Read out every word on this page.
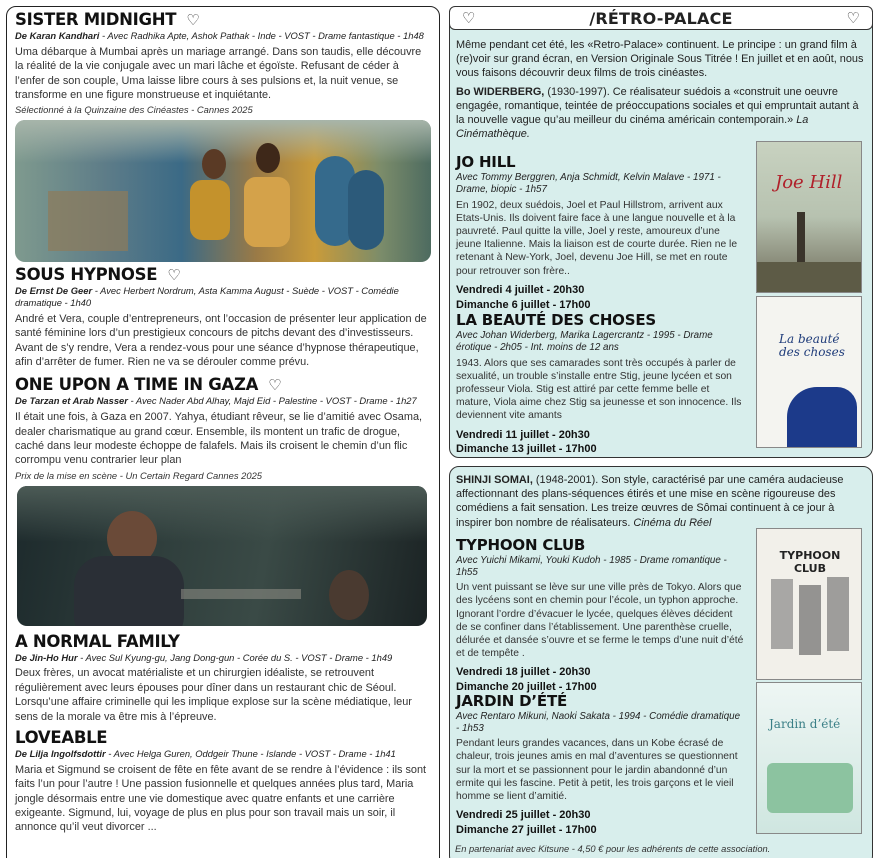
SISTER MIDNIGHT ♡
De Karan Kandhari - Avec Radhika Apte, Ashok Pathak - Inde - VOST - Drame fantastique - 1h48

Uma débarque à Mumbai après un mariage arrangé. Dans son taudis, elle découvre la réalité de la vie conjugale avec un mari lâche et égoïste. Refusant de céder à l’enfer de son couple, Uma laisse libre cours à ses pulsions et, la nuit venue, se transforme en une figure monstrueuse et inquiétante.

Sélectionné à la Quinzaine des Cinéastes - Cannes 2025

SOUS HYPNOSE ♡
De Ernst De Geer - Avec Herbert Nordrum, Asta Kamma August - Suède - VOST - Comédie dramatique - 1h40

André et Vera, couple d’entrepreneurs, ont l’occasion de présenter leur application de santé féminine lors d’un prestigieux concours de pitchs devant des d’investisseurs. Avant de s’y rendre, Vera a rendez-vous pour une séance d’hypnose thérapeutique, afin d’arrêter de fumer. Rien ne va se dérouler comme prévu.

ONE UPON A TIME IN GAZA ♡
De Tarzan et Arab Nasser - Avec Nader Abd Alhay, Majd Eid - Palestine - VOST - Drame - 1h27

Il était une fois, à Gaza en 2007. Yahya, étudiant rêveur, se lie d’amitié avec Osama, dealer charismatique au grand cœur. Ensemble, ils montent un trafic de drogue, caché dans leur modeste échoppe de falafels. Mais ils croisent le chemin d’un flic corrompu venu contrarier leur plan

Prix de la mise en scène - Un Certain Regard Cannes 2025

A NORMAL FAMILY
De Jin-Ho Hur - Avec Sul Kyung-gu, Jang Dong-gun - Corée du S. - VOST - Drame - 1h49

Deux frères, un avocat matérialiste et un chirurgien idéaliste, se retrouvent régulièrement avec leurs épouses pour dîner dans un restaurant chic de Séoul. Lorsqu’une affaire criminelle qui les implique explose sur la scène médiatique, leur sens de la morale va être mis à l’épreuve.

LOVEABLE
De Lilja Ingolfsdottir - Avec Helga Guren, Oddgeir Thune - Islande - VOST - Drame - 1h41

Maria et Sigmund se croisent de fête en fête avant de se rendre à l’évidence : ils sont faits l’un pour l’autre ! Une passion fusionnelle et quelques années plus tard, Maria jongle désormais entre une vie domestique avec quatre enfants et une carrière exigeante. Sigmund, lui, voyage de plus en plus pour son travail mais un soir, il annonce qu’il veut divorcer ...

Même pendant cet été, les «Retro-Palace» continuent. Le principe : un grand film à (re)voir sur grand écran, en Version Originale Sous Titrée ! En juillet et en août, nous vous faisons découvrir deux films de trois cinéastes.

Bo WIDERBERG, (1930-1997). Ce réalisateur suédois a «construit une oeuvre engagée, romantique, teintée de préoccupations sociales et qui empruntait autant à la nouvelle vague qu’au meilleur du cinéma américain contemporain.» La Cinémathèque.

JO HILL
Avec Tommy Berggren, Anja Schmidt, Kelvin Malave - 1971 - Drame, biopic - 1h57

En 1902, deux suédois, Joel et Paul Hillstrom, arrivent aux Etats-Unis. Ils doivent faire face à une langue nouvelle et à la pauvreté. Paul quitte la ville, Joel y reste, amoureux d’une jeune Italienne. Mais la liaison est de courte durée. Rien ne le retenant à New-York, Joel, devenu Joe Hill, se met en route pour retrouver son frère..

Vendredi 4 juillet - 20h30
Dimanche 6 juillet - 17h00
Joe Hill
LA BEAUTÉ DES CHOSES
Avec Johan Widerberg, Marika Lagercrantz - 1995 - Drame érotique - 2h05 - Int. moins de 12 ans

1943. Alors que ses camarades sont très occupés à parler de sexualité, un trouble s’installe entre Stig, jeune lycéen et son professeur Viola. Stig est attiré par cette femme belle et mature, Viola aime chez Stig sa jeunesse et son innocence. Ils deviennent vite amants

Vendredi 11 juillet - 20h30
Dimanche 13 juillet - 17h00
La beauté des choses

SHINJI SOMAI, (1948-2001). Son style, caractérisé par une caméra audacieuse affectionnant des plans-séquences étirés et une mise en scène rigoureuse des comédiens a fait sensation. Les treize œuvres de Sômai continuent à ce jour à inspirer bon nombre de réalisateurs. Cinéma du Réel

TYPHOON CLUB
Avec Yuichi Mikami, Youki Kudoh - 1985 - Drame romantique - 1h55

Un vent puissant se lève sur une ville près de Tokyo. Alors que des lycéens sont en chemin pour l’école, un typhon approche. Ignorant l’ordre d’évacuer le lycée, quelques élèves décident de se confiner dans l’établissement. Une parenthèse cruelle, délurée et dansée s’ouvre et se ferme le temps d’une nuit d’été et de tempête .

Vendredi 18 juillet - 20h30
Dimanche 20 juillet - 17h00
TYPHOON CLUB
JARDIN D’ÉTÉ
Avec Rentaro Mikuni, Naoki Sakata - 1994 - Comédie dramatique - 1h53

Pendant leurs grandes vacances, dans un Kobe écrasé de chaleur, trois jeunes amis en mal d’aventures se questionnent sur la mort et se passionnent pour le jardin abandonné d’un ermite qui les fascine. Petit à petit, les trois garçons et le vieil homme se lient d’amitié.

Vendredi 25 juillet - 20h30
Dimanche 27 juillet - 17h00
Jardin d’été
♡	/RÉTRO-PALACE	♡

En partenariat avec Kitsune - 4,50 € pour les adhérents de cette association.
